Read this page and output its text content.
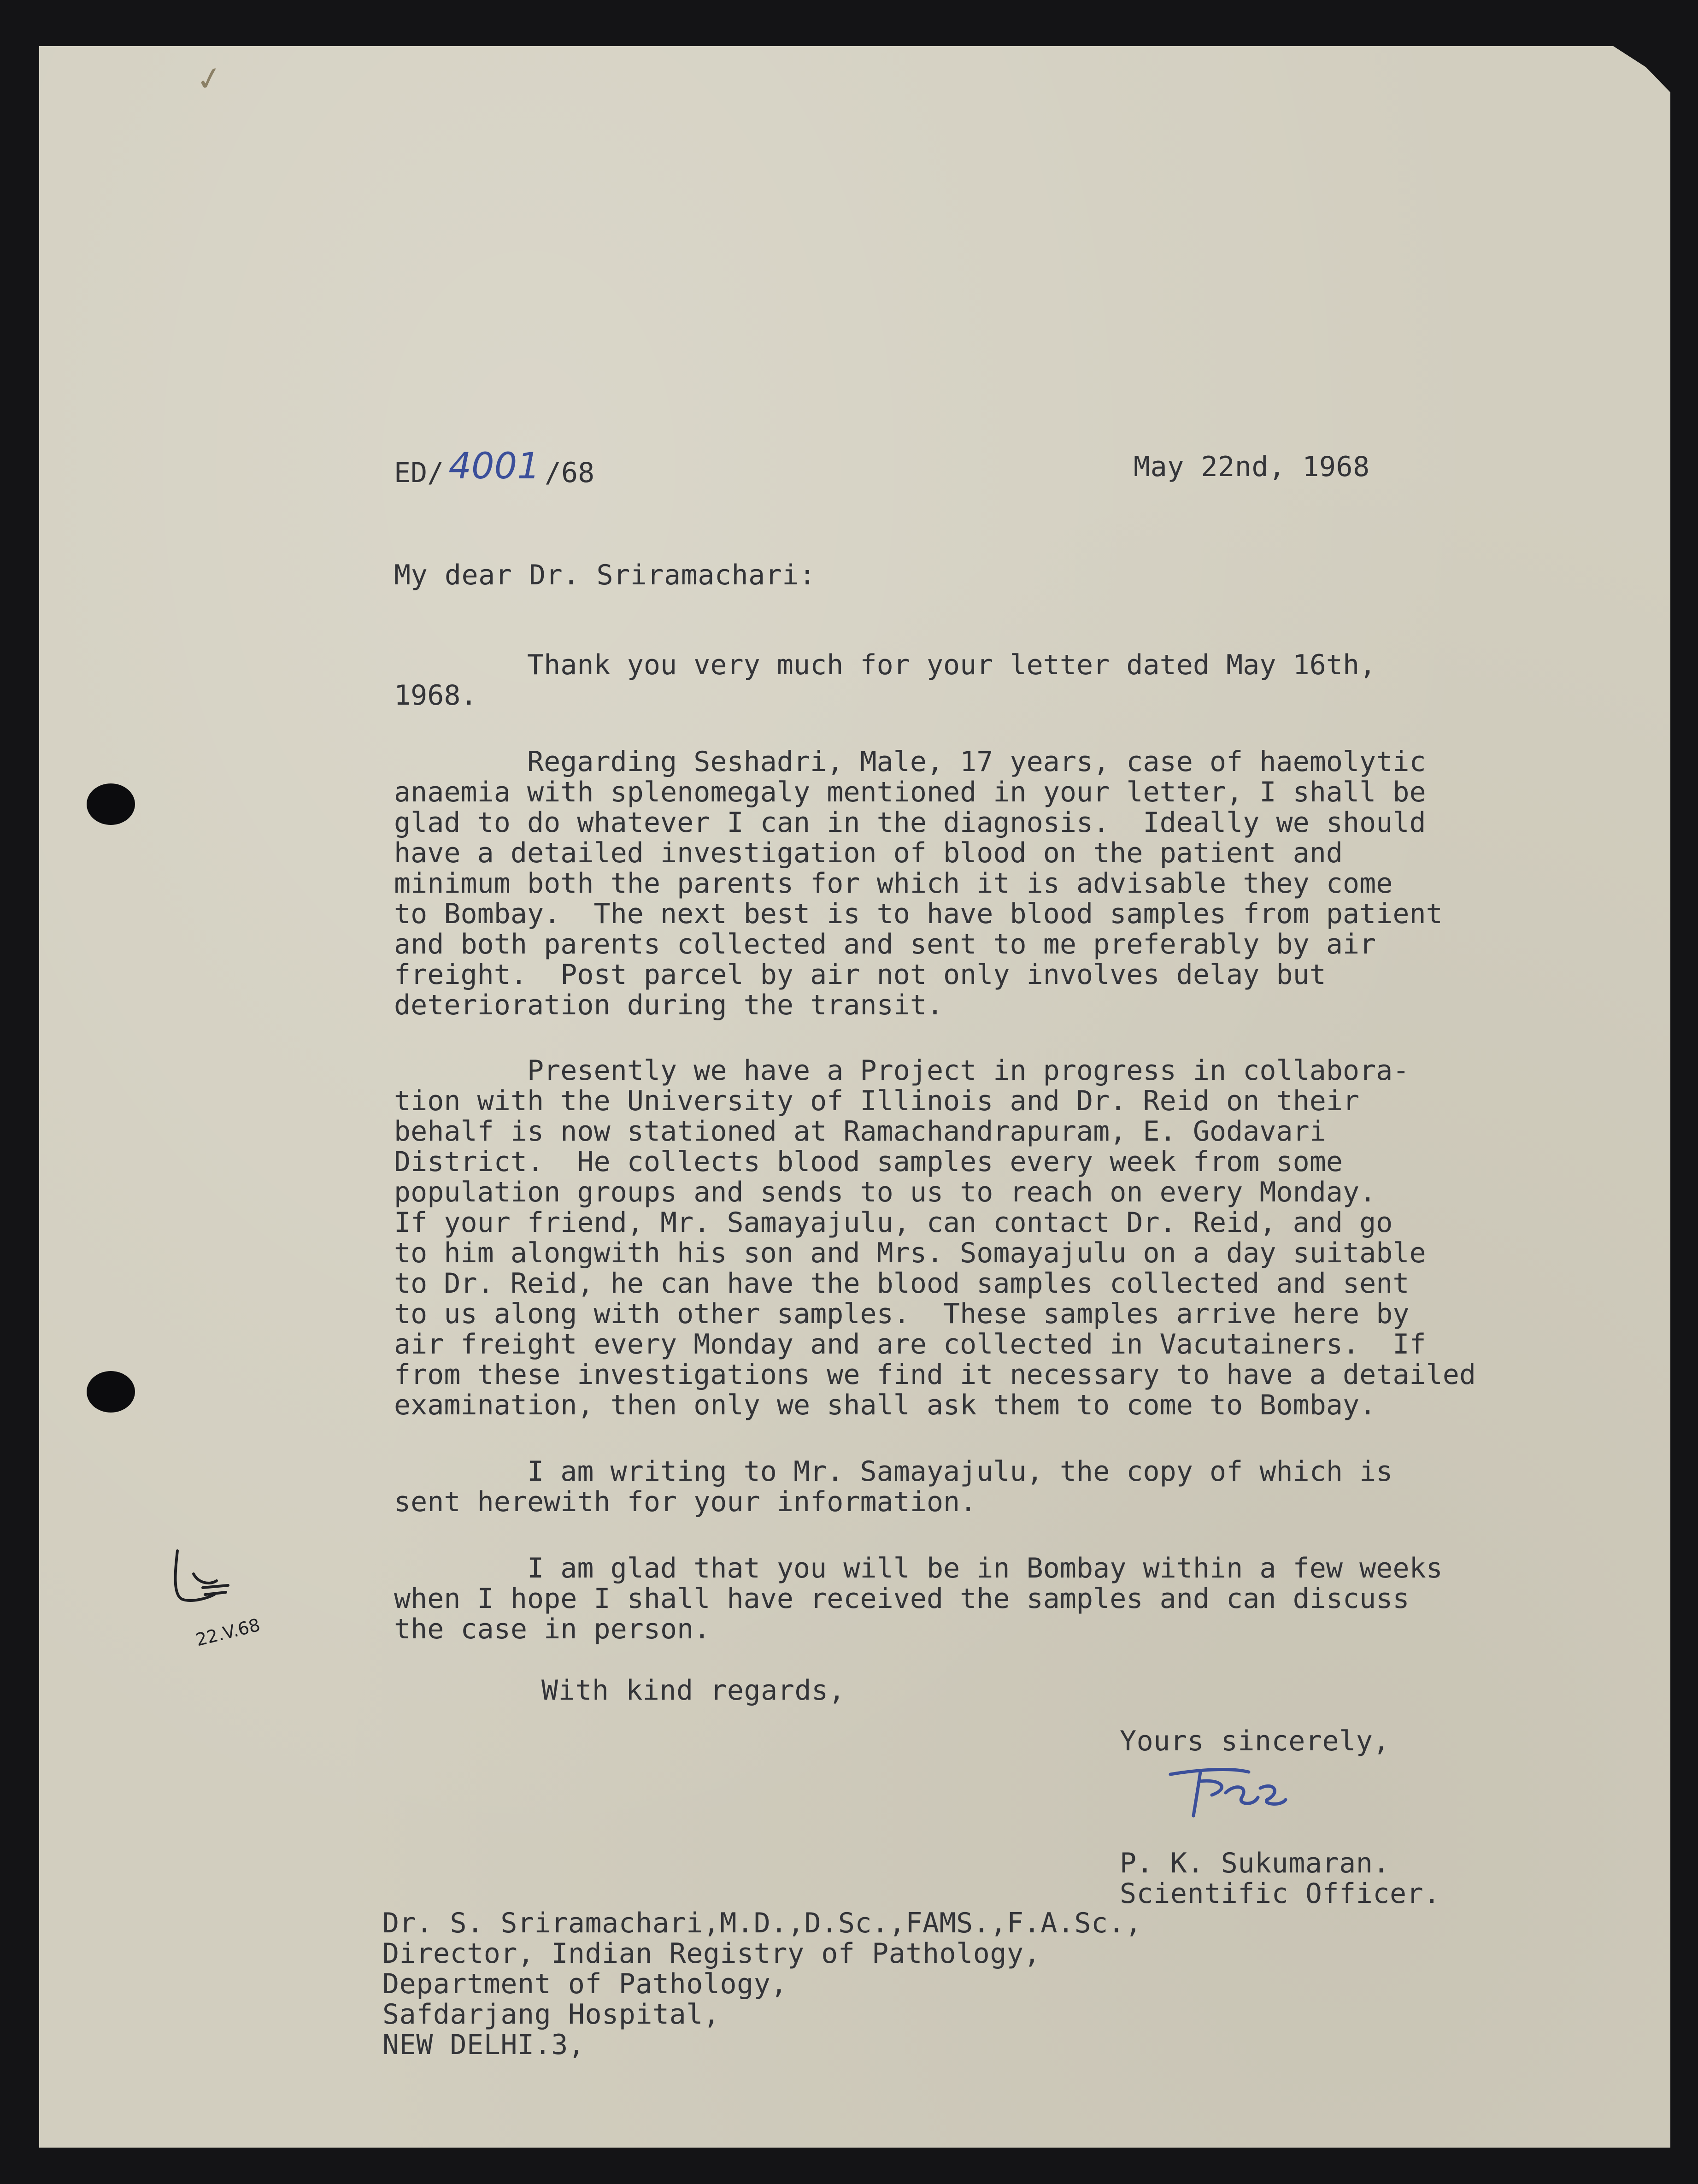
✓
ED/ 4001 /68	May 22nd, 1968
My dear Dr. Sriramachari:
Thank you very much for your letter dated May 16th,
1968.
Regarding Seshadri, Male, 17 years, case of haemolytic
anaemia with splenomegaly mentioned in your letter, I shall be
glad to do whatever I can in the diagnosis.  Ideally we should
have a detailed investigation of blood on the patient and
minimum both the parents for which it is advisable they come
to Bombay.  The next best is to have blood samples from patient
and both parents collected and sent to me preferably by air
freight.  Post parcel by air not only involves delay but
deterioration during the transit.
Presently we have a Project in progress in collabora-
tion with the University of Illinois and Dr. Reid on their
behalf is now stationed at Ramachandrapuram, E. Godavari
District.  He collects blood samples every week from some
population groups and sends to us to reach on every Monday.
If your friend, Mr. Samayajulu, can contact Dr. Reid, and go
to him alongwith his son and Mrs. Somayajulu on a day suitable
to Dr. Reid, he can have the blood samples collected and sent
to us along with other samples.  These samples arrive here by
air freight every Monday and are collected in Vacutainers.  If
from these investigations we find it necessary to have a detailed
examination, then only we shall ask them to come to Bombay.
I am writing to Mr. Samayajulu, the copy of which is
sent herewith for your information.
I am glad that you will be in Bombay within a few weeks
when I hope I shall have received the samples and can discuss
the case in person.
With kind regards,
Yours sincerely,
P. K. Sukumaran.
Scientific Officer.
Dr. S. Sriramachari,M.D.,D.Sc.,FAMS.,F.A.Sc.,
Director, Indian Registry of Pathology,
Department of Pathology,
Safdarjang Hospital,
NEW DELHI.3,
22.V.68
